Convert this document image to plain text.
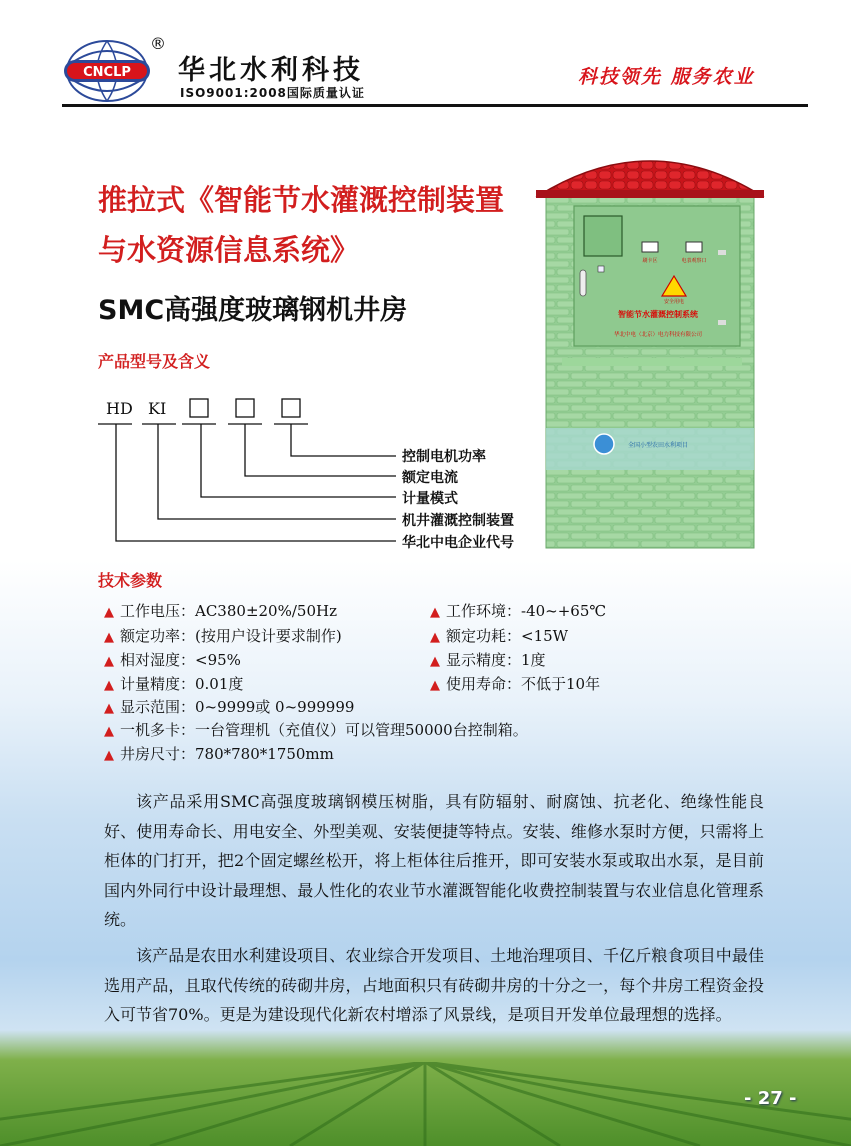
CNCLP
®
华北水利科技
ISO9001:2008国际质量认证
科技领先 服务农业
推拉式《智能节水灌溉控制装置
与水资源信息系统》
SMC高强度玻璃钢机井房
产品型号及含义
HD KI
控制电机功率
额定电流
计量模式
机井灌溉控制装置
华北中电企业代号
刷卡区	电表观察口
安全用电
智能节水灌溉控制系统
华北中电（北京）电力科技有限公司
全国小型农田水利项目
技术参数
▲ 工作电压：AC380±20%/50Hz
▲ 额定功率：(按用户设计要求制作)
▲ 相对湿度：<95%
▲ 计量精度：0.01度
▲ 显示范围：0~9999或 0~999999
▲ 一机多卡：一台管理机（充值仪）可以管理50000台控制箱。
▲ 井房尺寸：780*780*1750mm
▲ 工作环境：-40~+65℃
▲ 额定功耗：<15W
▲ 显示精度：1度
▲ 使用寿命：不低于10年

该产品采用SMC高强度玻璃钢模压树脂，具有防辐射、耐腐蚀、抗老化、绝缘性能良好、使用寿命长、用电安全、外型美观、安装便捷等特点。安装、维修水泵时方便，只需将上柜体的门打开，把2个固定螺丝松开，将上柜体往后推开，即可安装水泵或取出水泵，是目前国内外同行中设计最理想、最人性化的农业节水灌溉智能化收费控制装置与农业信息化管理系统。

该产品是农田水利建设项目、农业综合开发项目、土地治理项目、千亿斤粮食项目中最佳选用产品，且取代传统的砖砌井房，占地面积只有砖砌井房的十分之一，每个井房工程资金投入可节省70%。更是为建设现代化新农村增添了风景线，是项目开发单位最理想的选择。

- 27 -
